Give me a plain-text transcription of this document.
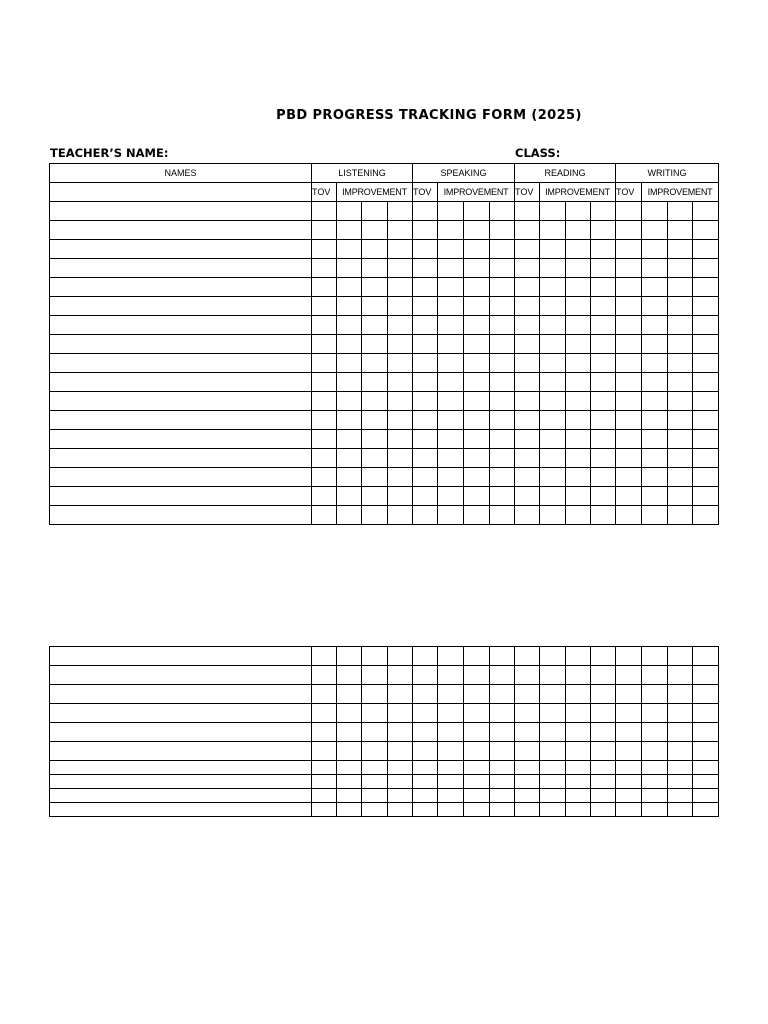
PBD PROGRESS TRACKING FORM (2025)
TEACHER’S NAME:	CLASS:
NAMES	LISTENING				SPEAKING				READING				WRITING			
	TOV	IMPROVEMENT			TOV	IMPROVEMENT			TOV	IMPROVEMENT			TOV	IMPROVEMENT		
